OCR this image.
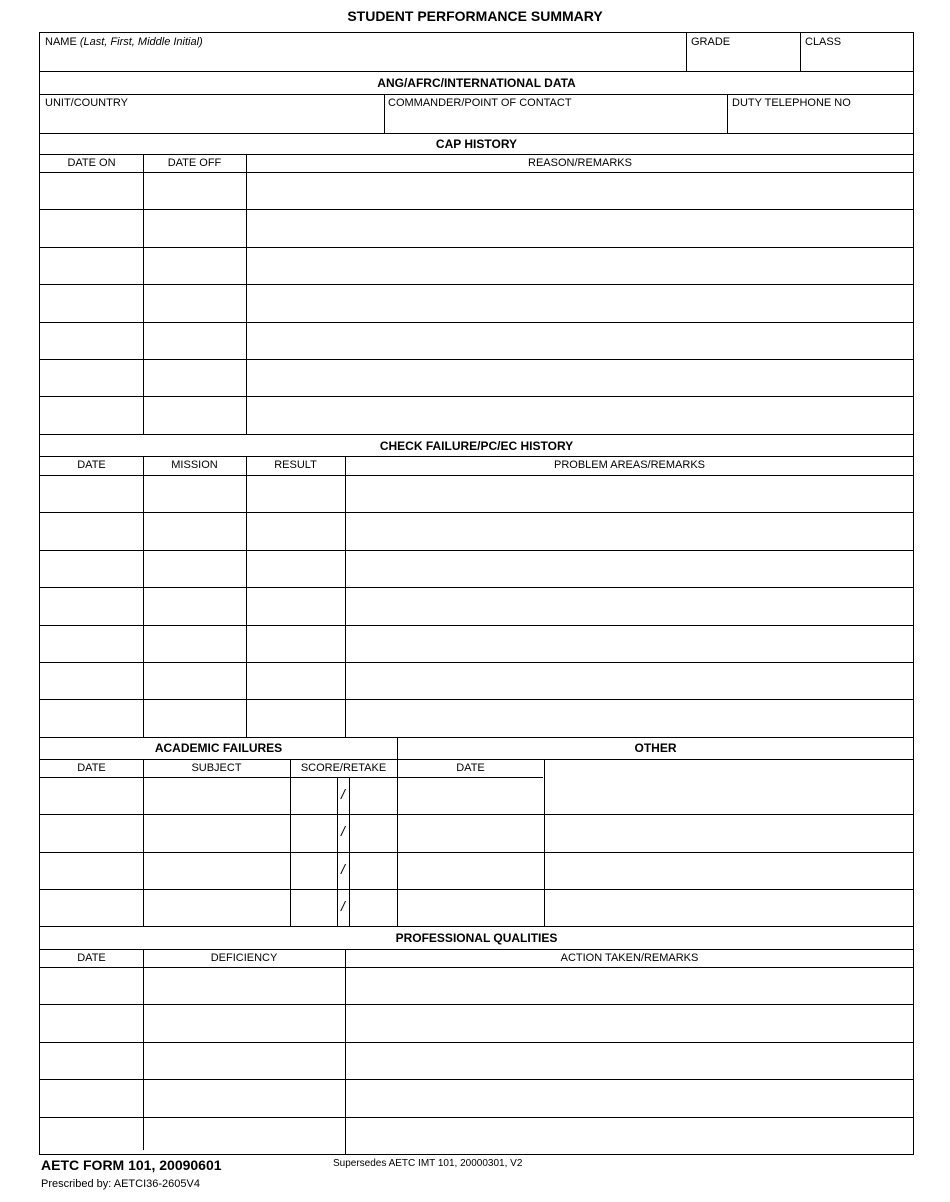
STUDENT PERFORMANCE SUMMARY
NAME (Last, First, Middle Initial)	GRADE	CLASS
ANG/AFRC/INTERNATIONAL DATA
UNIT/COUNTRY	COMMANDER/POINT OF CONTACT	DUTY TELEPHONE NO
CAP HISTORY
DATE ON	DATE OFF	REASON/REMARKS
CHECK FAILURE/PC/EC HISTORY
DATE	MISSION	RESULT	PROBLEM AREAS/REMARKS
ACADEMIC FAILURES	OTHER
DATE	SUBJECT	SCORE/RETAKE	DATE
/
/
/
/
PROFESSIONAL QUALITIES
DATE	DEFICIENCY	ACTION TAKEN/REMARKS
AETC FORM 101, 20090601	Supersedes AETC IMT 101, 20000301, V2
Prescribed by: AETCI36-2605V4
